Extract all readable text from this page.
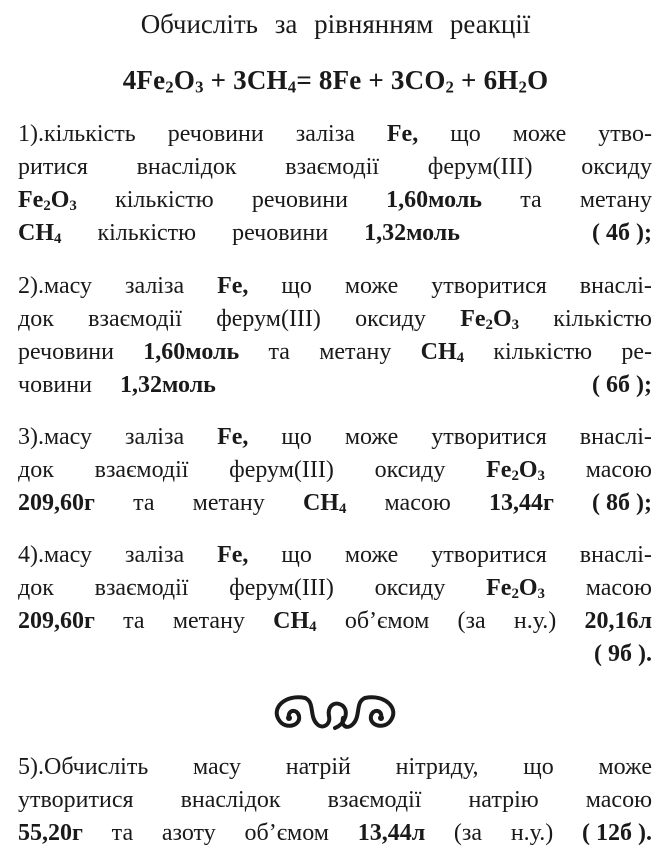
Обчисліть за рівнянням реакції
$4Fe_2O_3 + 3CH_4= 8Fe + 3CO_2 + 6H_2O$
1).кількість речовини заліза Fe, що може утво-
ритися внаслідок взаємодії ферум(ІІІ) оксиду
$Fe_2O_3$ кількістю речовини 1,60моль та метану
$CH_4$ кількістю речовини 1,32моль	( 4б );
2).масу заліза Fe, що може утворитися внаслі-
док взаємодії ферум(ІІІ) оксиду $Fe_2O_3$ кількістю
речовини 1,60моль та метану $CH_4$ кількістю ре-
човини 1,32моль	( 6б );
3).масу заліза Fe, що може утворитися внаслі-
док взаємодії ферум(ІІІ) оксиду $Fe_2O_3$ масою
209,60г та метану $CH_4$ масою 13,44г ( 8б );
4).масу заліза Fe, що може утворитися внаслі-
док взаємодії ферум(ІІІ) оксиду $Fe_2O_3$ масою
209,60г та метану $CH_4$ об’ємом (за н.у.) 20,16л
( 9б ).
5).Обчисліть масу натрій нітриду, що може
утворитися внаслідок взаємодії натрію масою
55,20г та азоту об’ємом 13,44л (за н.у.) ( 12б ).
